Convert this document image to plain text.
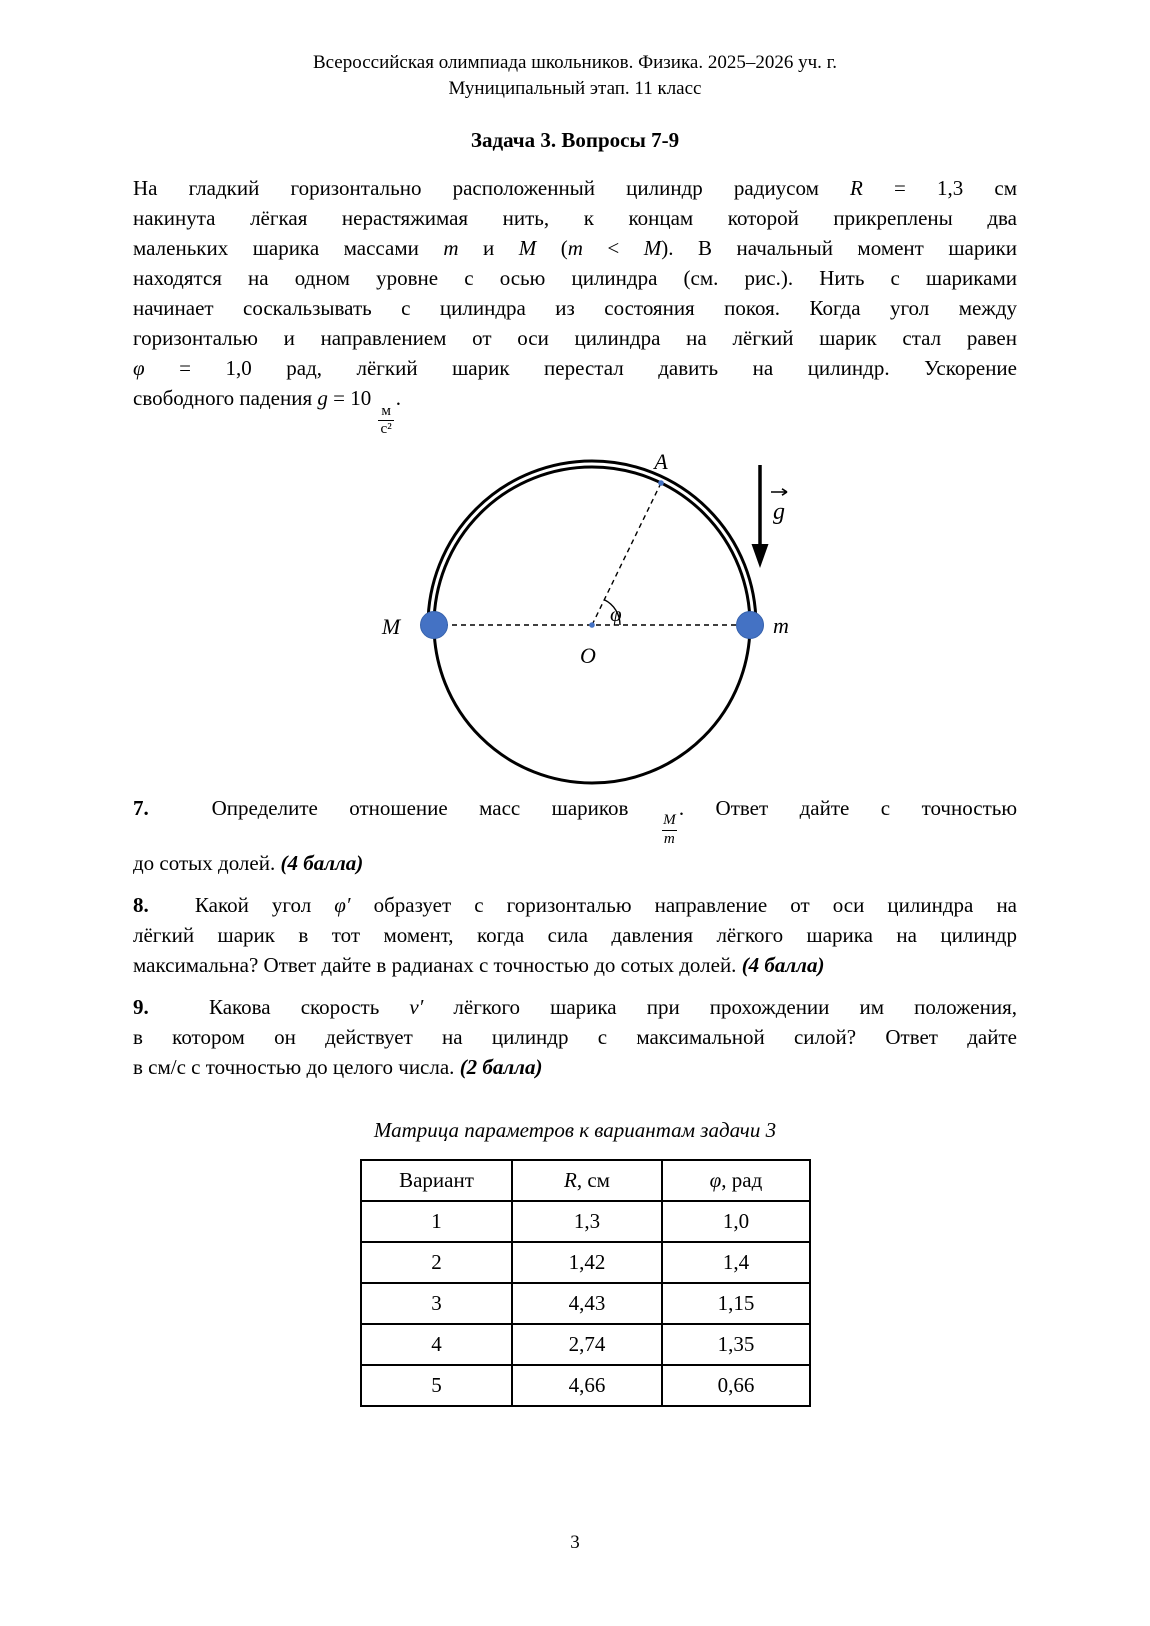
Всероссийская олимпиада школьников. Физика. 2025–2026 уч. г.
Муниципальный этап. 11 класс
Задача 3. Вопросы 7-9
На гладкий горизонтально расположенный цилиндр радиусом R = 1,3 см
накинута лёгкая нерастяжимая нить, к концам которой прикреплены два
маленьких шарика массами m и M (m < M). В начальный момент шарики
находятся на одном уровне с осью цилиндра (см. рис.). Нить с шариками
начинает соскальзывать с цилиндра из состояния покоя. Когда угол между
горизонталью и направлением от оси цилиндра на лёгкий шарик стал равен
φ = 1,0 рад, лёгкий шарик перестал давить на цилиндр. Ускорение
свободного падения g = 10
$\frac{м}{\text{с²}}$
.
g
A
φ
O
M	m
7.  Определите отношение масс шариков
$\frac{M}{m}$
. Ответ дайте с точностью
до сотых долей. (4 балла)
8.  Какой угол φ′ образует с горизонталью направление от оси цилиндра на
лёгкий шарик в тот момент, когда сила давления лёгкого шарика на цилиндр
максимальна? Ответ дайте в радианах с точностью до сотых долей. (4 балла)
9.  Какова скорость v′ лёгкого шарика при прохождении им положения,
в котором он действует на цилиндр с максимальной силой? Ответ дайте
в см/с с точностью до целого числа. (2 балла)
Матрица параметров к вариантам задачи 3
Вариант	R, см	φ, рад
1	1,3	1,0
2	1,42	1,4
3	4,43	1,15
4	2,74	1,35
5	4,66	0,66
3
